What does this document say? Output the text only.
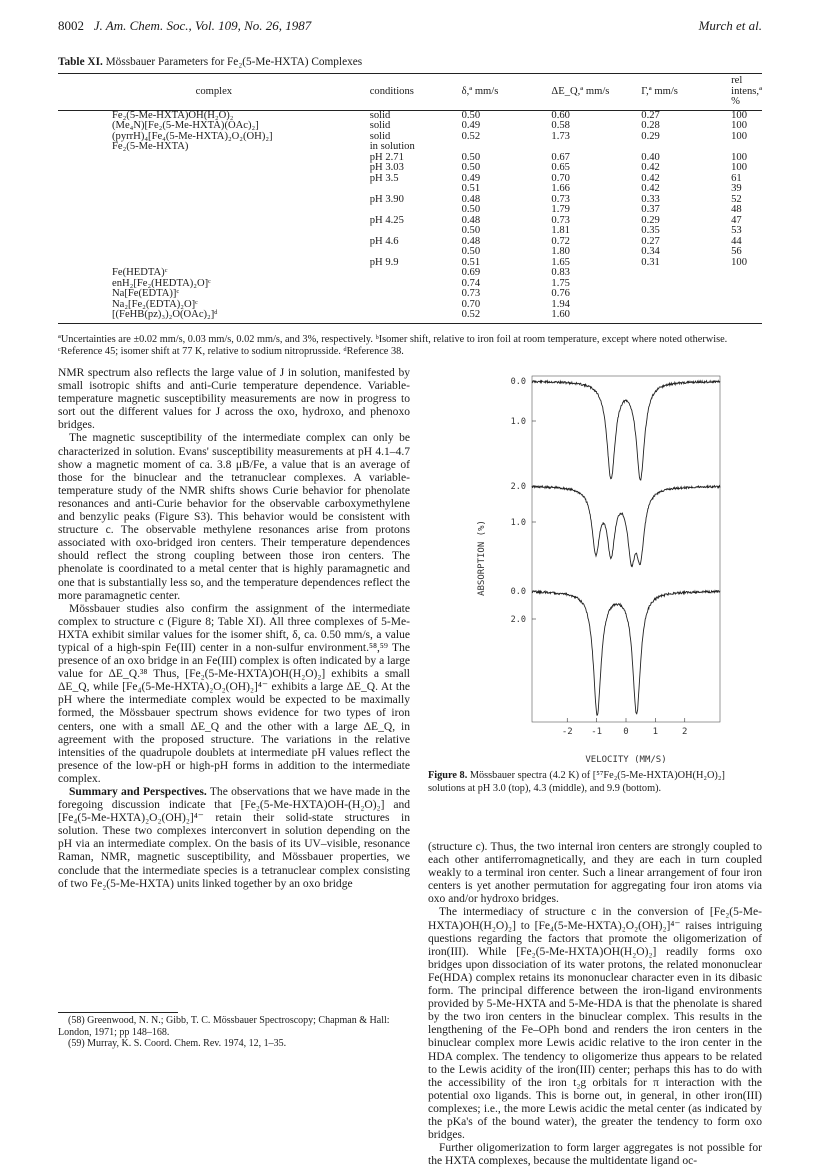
8002 J. Am. Chem. Soc., Vol. 109, No. 26, 1987	Murch et al.
Table XI. Mössbauer Parameters for Fe₂(5-Me-HXTA) Complexes
complex	conditions	δ,ª mm/s	ΔE_Q,ª mm/s	Γ,ª mm/s	rel intens,ª %
Fe₂(5-Me-HXTA)OH(H₂O)₂	solid	0.50	0.60	0.27	100
(Me₄N)[Fe₂(5-Me-HXTA)(OAc)₂]	solid	0.49	0.58	0.28	100
(pyrrH)₄[Fe₄(5-Me-HXTA)₂O₂(OH)₂]	solid	0.52	1.73	0.29	100
Fe₂(5-Me-HXTA)	in solution				
	pH 2.71	0.50	0.67	0.40	100
	pH 3.03	0.50	0.65	0.42	100
	pH 3.5	0.49	0.70	0.42	61
		0.51	1.66	0.42	39
	pH 3.90	0.48	0.73	0.33	52
		0.50	1.79	0.37	48
	pH 4.25	0.48	0.73	0.29	47
		0.50	1.81	0.35	53
	pH 4.6	0.48	0.72	0.27	44
		0.50	1.80	0.34	56
	pH 9.9	0.51	1.65	0.31	100
Fe(HEDTA)ᶜ		0.69	0.83		
enH₂[Fe₂(HEDTA)₂O]ᶜ		0.74	1.75		
Na[Fe(EDTA)]ᶜ		0.73	0.76		
Na₂[Fe₂(EDTA)₂O]ᶜ		0.70	1.94		
[(FeHB(pz)₃)₂O(OAc)₂]ᵈ		0.52	1.60		
ªUncertainties are ±0.02 mm/s, 0.03 mm/s, 0.02 mm/s, and 3%, respectively. ᵇIsomer shift, relative to iron foil at room temperature, except where noted otherwise. ᶜReference 45; isomer shift at 77 K, relative to sodium nitroprusside. ᵈReference 38.

NMR spectrum also reflects the large value of J in solution, manifested by small isotropic shifts and anti-Curie temperature dependence. Variable-temperature magnetic susceptibility measurements are now in progress to sort out the different values for J across the oxo, hydroxo, and phenoxo bridges.

The magnetic susceptibility of the intermediate complex can only be characterized in solution. Evans' susceptibility measurements at pH 4.1–4.7 show a magnetic moment of ca. 3.8 μB/Fe, a value that is an average of those for the binuclear and the tetranuclear complexes. A variable-temperature study of the NMR shifts shows Curie behavior for phenolate resonances and anti-Curie behavior for the observable carboxymethylene and benzylic peaks (Figure S3). This behavior would be consistent with structure c. The observable methylene resonances arise from protons associated with oxo-bridged iron centers. Their temperature dependences should reflect the strong coupling between those iron centers. The phenolate is coordinated to a metal center that is highly paramagnetic and one that is substantially less so, and the temperature dependences reflect the more paramagnetic center.

Mössbauer studies also confirm the assignment of the intermediate complex to structure c (Figure 8; Table XI). All three complexes of 5-Me-HXTA exhibit similar values for the isomer shift, δ, ca. 0.50 mm/s, a value typical of a high-spin Fe(III) center in a non-sulfur environment.⁵⁸,⁵⁹ The presence of an oxo bridge in an Fe(III) complex is often indicated by a large value for ΔE_Q.³⁸ Thus, [Fe₂(5-Me-HXTA)OH(H₂O)₂] exhibits a small ΔE_Q, while [Fe₄(5-Me-HXTA)₂O₂(OH)₂]⁴⁻ exhibits a large ΔE_Q. At the pH where the intermediate complex would be expected to be maximally formed, the Mössbauer spectrum shows evidence for two types of iron centers, one with a small ΔE_Q and the other with a large ΔE_Q, in agreement with the proposed structure. The variations in the relative intensities of the quadrupole doublets at intermediate pH values reflect the presence of the low-pH or high-pH forms in addition to the intermediate complex.

Summary and Perspectives. The observations that we have made in the foregoing discussion indicate that [Fe₂(5-Me-HXTA)OH-(H₂O)₂] and [Fe₄(5-Me-HXTA)₂O₂(OH)₂]⁴⁻ retain their solid-state structures in solution. These two complexes interconvert in solution depending on the pH via an intermediate complex. On the basis of its UV–visible, resonance Raman, NMR, magnetic susceptibility, and Mössbauer properties, we conclude that the intermediate species is a tetranuclear complex consisting of two Fe₂(5-Me-HXTA) units linked together by an oxo bridge

(58) Greenwood, N. N.; Gibb, T. C. Mössbauer Spectroscopy; Chapman & Hall: London, 1971; pp 148–168.

(59) Murray, K. S. Coord. Chem. Rev. 1974, 12, 1–35.

ABSORPTION (%)
0.0
1.0
2.0
1.0
0.0
2.0
-2 -1 0	1	2
VELOCITY (MM/S)
Figure 8. Mössbauer spectra (4.2 K) of [⁵⁷Fe₂(5-Me-HXTA)OH(H₂O)₂] solutions at pH 3.0 (top), 4.3 (middle), and 9.9 (bottom).

(structure c). Thus, the two internal iron centers are strongly coupled to each other antiferromagnetically, and they are each in turn coupled weakly to a terminal iron center. Such a linear arrangement of four iron centers is yet another permutation for aggregating four iron atoms via oxo and/or hydroxo bridges.

The intermediacy of structure c in the conversion of [Fe₂(5-Me-HXTA)OH(H₂O)₂] to [Fe₄(5-Me-HXTA)₂O₂(OH)₂]⁴⁻ raises intriguing questions regarding the factors that promote the oligomerization of iron(III). While [Fe₂(5-Me-HXTA)OH(H₂O)₂] readily forms oxo bridges upon dissociation of its water protons, the related mononuclear Fe(HDA) complex retains its mononuclear character even in its dibasic form. The principal difference between the iron-ligand environments provided by 5-Me-HXTA and 5-Me-HDA is that the phenolate is shared by the two iron centers in the binuclear complex. This results in the lengthening of the Fe–OPh bond and renders the iron centers in the binuclear complex more Lewis acidic relative to the iron center in the HDA complex. The tendency to oligomerize thus appears to be related to the Lewis acidity of the iron(III) center; perhaps this has to do with the accessibility of the iron t₂g orbitals for π interaction with the potential oxo ligands. This is borne out, in general, in other iron(III) complexes; i.e., the more Lewis acidic the metal center (as indicated by the pKa's of the bound water), the greater the tendency to form oxo bridges.

Further oligomerization to form larger aggregates is not possible for the HXTA complexes, because the multidentate ligand oc-
